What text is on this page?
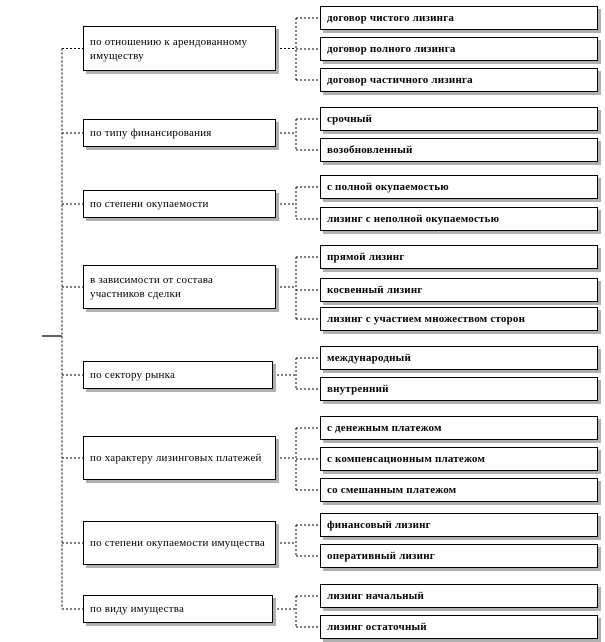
по отношению к арендованному имуществу
договор чистого лизинга
договор полного лизинга
договор частичного лизинга
по типу финансирования
срочный
возобновленный
по степени окупаемости
с полной окупаемостью
лизинг с неполной окупаемостью
в зависимости от состава участников сделки
прямой лизинг
косвенный лизинг
лизинг с участием множеством сторон
по сектору рынка
международный
внутренний
по характеру лизинговых платежей
с денежным платежом
с компенсационным платежом
со смешанным платежом
по степени окупаемости имущества
финансовый лизинг
оперативный лизинг
по виду имущества
лизинг начальный
лизинг остаточный
